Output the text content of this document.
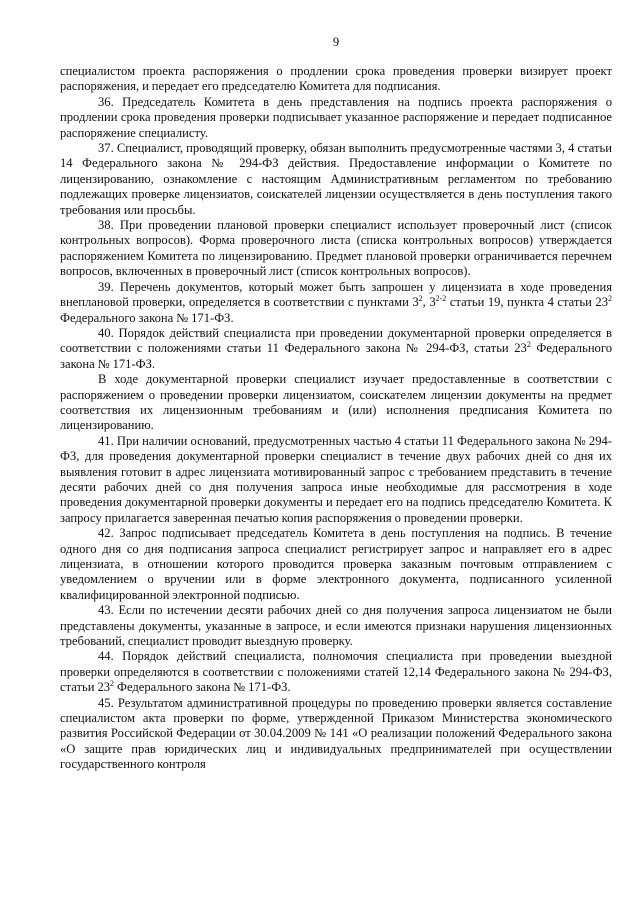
9

специалистом проекта распоряжения о продлении срока проведения проверки визирует проект распоряжения, и передает его председателю Комитета для подписания.

36. Председатель Комитета в день представления на подпись проекта распоряжения о продлении срока проведения проверки подписывает указанное распоряжение и передает подписанное распоряжение специалисту.

37. Специалист, проводящий проверку, обязан выполнить предусмотренные частями 3, 4 статьи 14 Федерального закона № 294-ФЗ действия. Предоставление информации о Комитете по лицензированию, ознакомление с настоящим Административным регламентом по требованию подлежащих проверке лицензиатов, соискателей лицензии осуществляется в день поступления такого требования или просьбы.

38. При проведении плановой проверки специалист использует проверочный лист (список контрольных вопросов). Форма проверочного листа (списка контрольных вопросов) утверждается распоряжением Комитета по лицензированию. Предмет плановой проверки ограничивается перечнем вопросов, включенных в проверочный лист (список контрольных вопросов).

39. Перечень документов, который может быть запрошен у лицензиата в ходе проведения внеплановой проверки, определяется в соответствии с пунктами $3^2$, 3$^{2-2}$ статьи 19, пункта 4 статьи $23^2$ Федерального закона № 171-ФЗ.

40. Порядок действий специалиста при проведении документарной проверки определяется в соответствии с положениями статьи 11 Федерального закона № 294-ФЗ, статьи $23^2$ Федерального закона № 171-ФЗ.

В ходе документарной проверки специалист изучает предоставленные в соответствии с распоряжением о проведении проверки лицензиатом, соискателем лицензии документы на предмет соответствия их лицензионным требованиям и (или) исполнения предписания Комитета по лицензированию.

41. При наличии оснований, предусмотренных частью 4 статьи 11 Федерального закона № 294-ФЗ, для проведения документарной проверки специалист в течение двух рабочих дней со дня их выявления готовит в адрес лицензиата мотивированный запрос с требованием представить в течение десяти рабочих дней со дня получения запроса иные необходимые для рассмотрения в ходе проведения документарной проверки документы и передает его на подпись председателю Комитета. К запросу прилагается заверенная печатью копия распоряжения о проведении проверки.

42. Запрос подписывает председатель Комитета в день поступления на подпись. В течение одного дня со дня подписания запроса специалист регистрирует запрос и направляет его в адрес лицензиата, в отношении которого проводится проверка заказным почтовым отправлением с уведомлением о вручении или в форме электронного документа, подписанного усиленной квалифицированной электронной подписью.

43. Если по истечении десяти рабочих дней со дня получения запроса лицензиатом не были представлены документы, указанные в запросе, и если имеются признаки нарушения лицензионных требований, специалист проводит выездную проверку.

44. Порядок действий специалиста, полномочия специалиста при проведении выездной проверки определяются в соответствии с положениями статей 12,14 Федерального закона № 294-ФЗ, статьи $23^2$ Федерального закона № 171-ФЗ.

45. Результатом административной процедуры по проведению проверки является составление специалистом акта проверки по форме, утвержденной Приказом Министерства экономического развития Российской Федерации от 30.04.2009 № 141 «О реализации положений Федерального закона «О защите прав юридических лиц и индивидуальных предпринимателей при осуществлении государственного контроля
